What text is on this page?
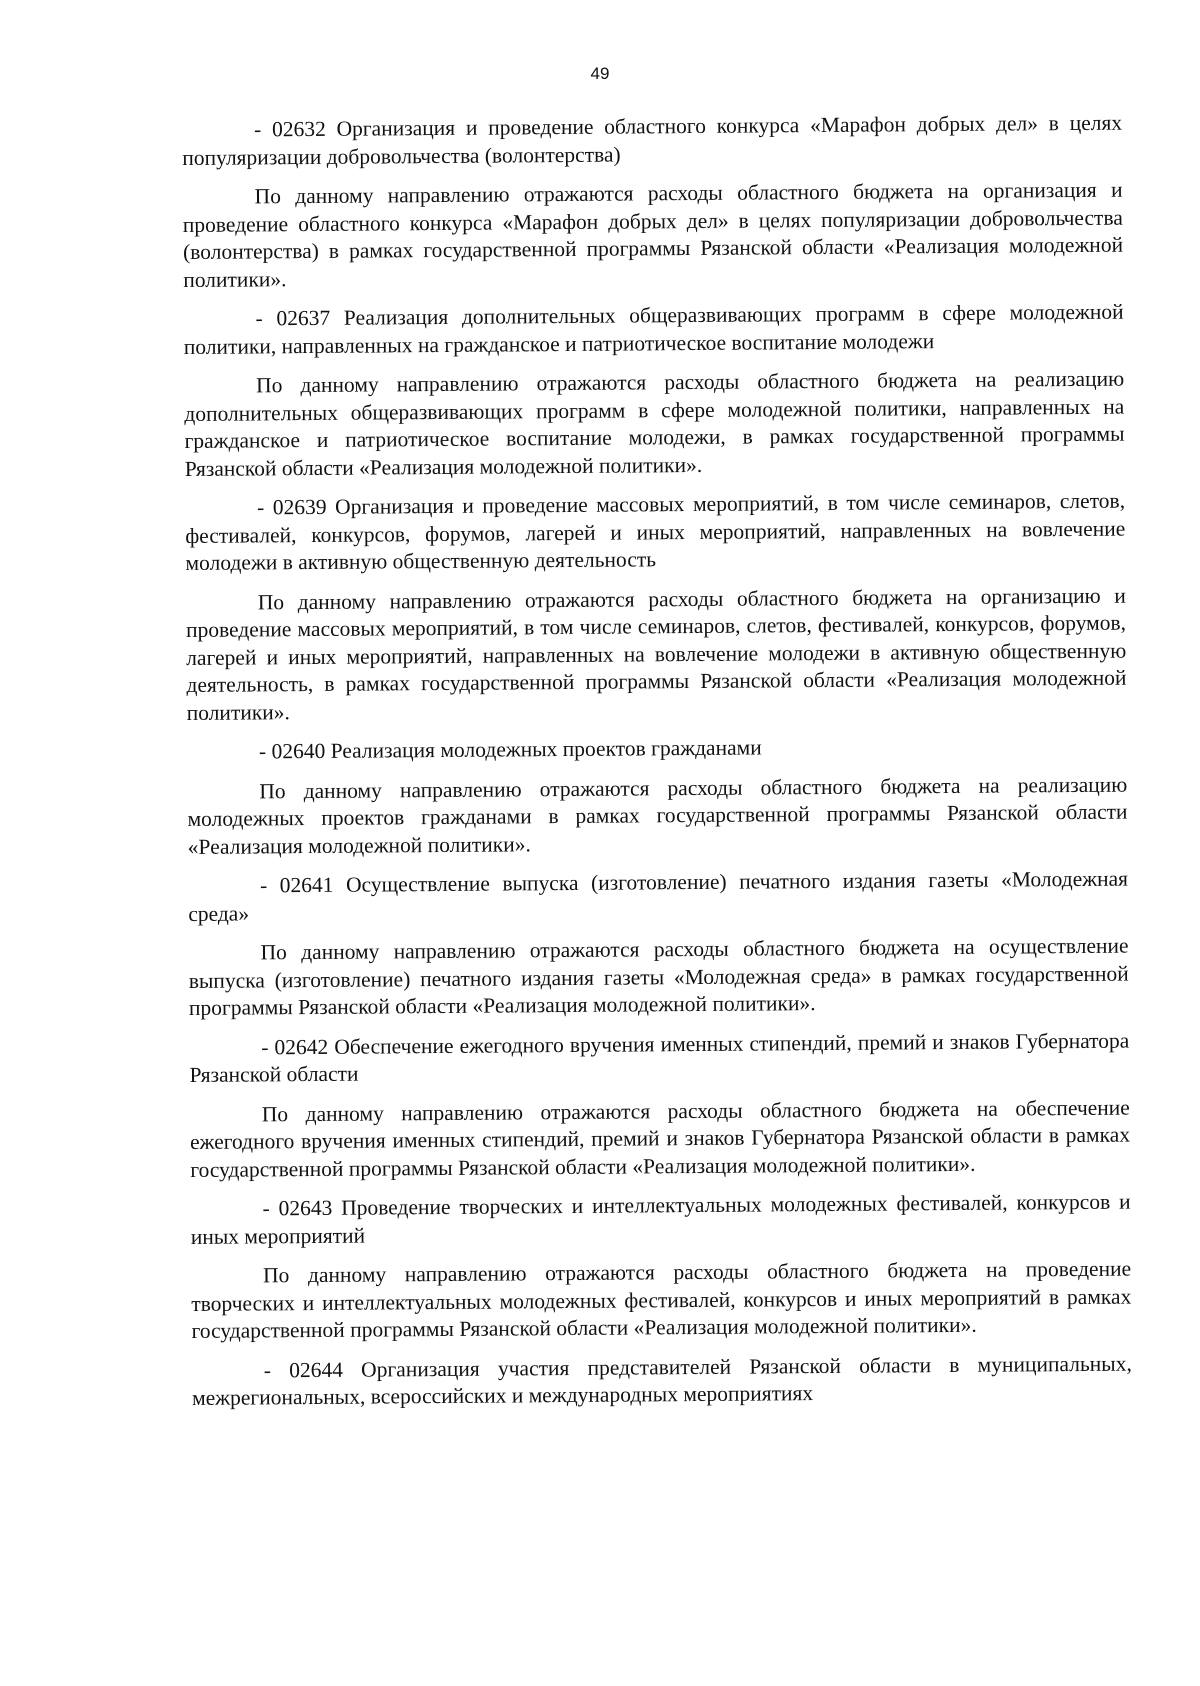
49

- 02632 Организация и проведение областного конкурса «Марафон добрых дел» в целях популяризации добровольчества (волонтерства)

По данному направлению отражаются расходы областного бюджета на организация и проведение областного конкурса «Марафон добрых дел» в целях популяризации добровольчества (волонтерства) в рамках государственной программы Рязанской области «Реализация молодежной политики».

- 02637 Реализация дополнительных общеразвивающих программ в сфере молодежной политики, направленных на гражданское и патриотическое воспитание молодежи

По данному направлению отражаются расходы областного бюджета на реализацию дополнительных общеразвивающих программ в сфере молодежной политики, направленных на гражданское и патриотическое воспитание молодежи, в рамках государственной программы Рязанской области «Реализация молодежной политики».

- 02639 Организация и проведение массовых мероприятий, в том числе семинаров, слетов, фестивалей, конкурсов, форумов, лагерей и иных мероприятий, направленных на вовлечение молодежи в активную общественную деятельность

По данному направлению отражаются расходы областного бюджета на организацию и проведение массовых мероприятий, в том числе семинаров, слетов, фестивалей, конкурсов, форумов, лагерей и иных мероприятий, направленных на вовлечение молодежи в активную общественную деятельность, в рамках государственной программы Рязанской области «Реализация молодежной политики».

- 02640 Реализация молодежных проектов гражданами

По данному направлению отражаются расходы областного бюджета на реализацию молодежных проектов гражданами в рамках государственной программы Рязанской области «Реализация молодежной политики».

- 02641 Осуществление выпуска (изготовление) печатного издания газеты «Молодежная среда»

По данному направлению отражаются расходы областного бюджета на осуществление выпуска (изготовление) печатного издания газеты «Молодежная среда» в рамках государственной программы Рязанской области «Реализация молодежной политики».

- 02642 Обеспечение ежегодного вручения именных стипендий, премий и знаков Губернатора Рязанской области

По данному направлению отражаются расходы областного бюджета на обеспечение ежегодного вручения именных стипендий, премий и знаков Губернатора Рязанской области в рамках государственной программы Рязанской области «Реализация молодежной политики».

- 02643 Проведение творческих и интеллектуальных молодежных фестивалей, конкурсов и иных мероприятий

По данному направлению отражаются расходы областного бюджета на проведение творческих и интеллектуальных молодежных фестивалей, конкурсов и иных мероприятий в рамках государственной программы Рязанской области «Реализация молодежной политики».

- 02644 Организация участия представителей Рязанской области в муниципальных, межрегиональных, всероссийских и международных мероприятиях
